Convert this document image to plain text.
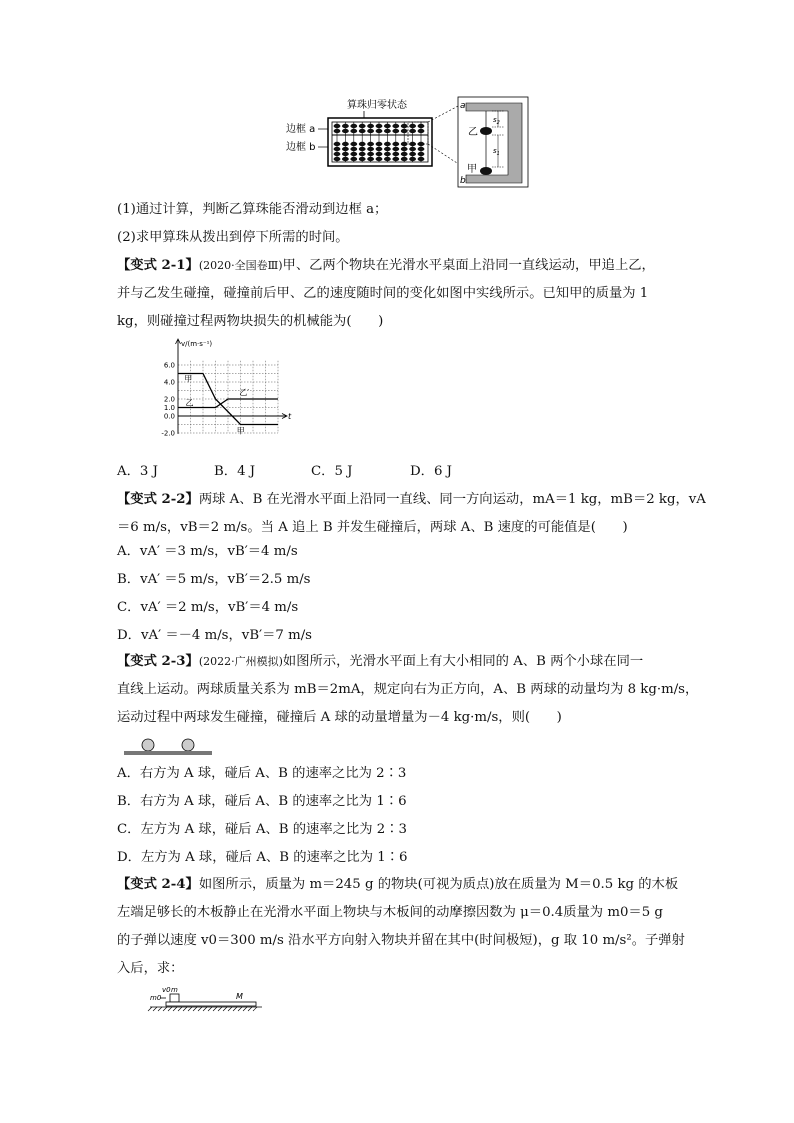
算珠归零状态
边框 a
边框 b
a
b
乙
甲
$s_2$
$s_1$
(1)通过计算，判断乙算珠能否滑动到边框 a；
(2)求甲算珠从拨出到停下所需的时间。
【变式 2-1】(2020·全国卷Ⅲ)甲、乙两个物块在光滑水平桌面上沿同一直线运动，甲追上乙，
并与乙发生碰撞，碰撞前后甲、乙的速度随时间的变化如图中实线所示。已知甲的质量为 1
kg，则碰撞过程两物块损失的机械能为(　　)
v/(m·s⁻¹)
t
6.0
4.0
2.0
1.0
0.0
-2.0
甲
甲
乙
乙′
A．3 J	B．4 J	C．5 J	D．6 J
【变式 2-2】两球 A、B 在光滑水平面上沿同一直线、同一方向运动，mA＝1 kg，mB＝2 kg，vA
＝6 m/s，vB＝2 m/s。当 A 追上 B 并发生碰撞后，两球 A、B 速度的可能值是(　　)
A．vA′ ＝3 m/s，vB′＝4 m/s
B．vA′ ＝5 m/s，vB′＝2.5 m/s
C．vA′ ＝2 m/s，vB′＝4 m/s
D．vA′ ＝－4 m/s，vB′＝7 m/s
【变式 2-3】(2022·广州模拟)如图所示，光滑水平面上有大小相同的 A、B 两个小球在同一
直线上运动。两球质量关系为 mB＝2mA，规定向右为正方向，A、B 两球的动量均为 8 kg·m/s，
运动过程中两球发生碰撞，碰撞后 A 球的动量增量为－4 kg·m/s，则(　　)
A．右方为 A 球，碰后 A、B 的速率之比为 2∶3
B．右方为 A 球，碰后 A、B 的速率之比为 1∶6
C．左方为 A 球，碰后 A、B 的速率之比为 2∶3
D．左方为 A 球，碰后 A、B 的速率之比为 1∶6
【变式 2-4】如图所示，质量为 m＝245 g 的物块(可视为质点)放在质量为 M＝0.5 kg 的木板
左端足够长的木板静止在光滑水平面上物块与木板间的动摩擦因数为 μ＝0.4质量为 m0＝5 g
的子弹以速度 v0＝300 m/s 沿水平方向射入物块并留在其中(时间极短)，g 取 10 m/s²。子弹射
入后，求：
v0 m
m0	M
